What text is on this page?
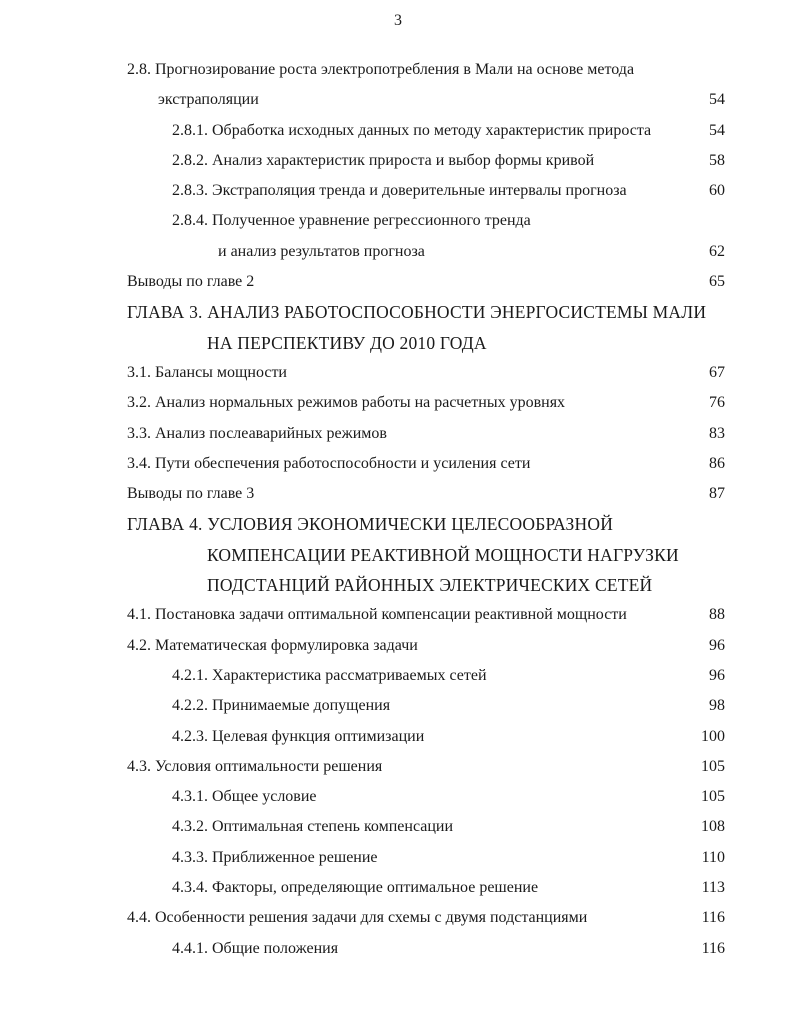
3
2.8. Прогнозирование роста электропотребления в Мали на основе метода
экстраполяции	54
2.8.1. Обработка исходных данных по методу характеристик прироста	54
2.8.2. Анализ характеристик прироста и выбор формы кривой	58
2.8.3. Экстраполяция тренда и доверительные интервалы прогноза	60
2.8.4. Полученное уравнение регрессионного тренда
и анализ результатов прогноза	62
Выводы по главе 2	65
ГЛАВА 3. АНАЛИЗ РАБОТОСПОСОБНОСТИ ЭНЕРГОСИСТЕМЫ МАЛИ
НА ПЕРСПЕКТИВУ ДО 2010 ГОДА
3.1. Балансы мощности	67
3.2. Анализ нормальных режимов работы на расчетных уровнях	76
3.3. Анализ послеаварийных режимов	83
3.4. Пути обеспечения работоспособности и усиления сети	86
Выводы по главе 3	87
ГЛАВА 4. УСЛОВИЯ ЭКОНОМИЧЕСКИ ЦЕЛЕСООБРАЗНОЙ
КОМПЕНСАЦИИ РЕАКТИВНОЙ МОЩНОСТИ НАГРУЗКИ
ПОДСТАНЦИЙ РАЙОННЫХ ЭЛЕКТРИЧЕСКИХ СЕТЕЙ
4.1. Постановка задачи оптимальной компенсации реактивной мощности	88
4.2. Математическая формулировка задачи	96
4.2.1. Характеристика рассматриваемых сетей	96
4.2.2. Принимаемые допущения	98
4.2.3. Целевая функция оптимизации	100
4.3. Условия оптимальности решения	105
4.3.1. Общее условие	105
4.3.2. Оптимальная степень компенсации	108
4.3.3. Приближенное решение	110
4.3.4. Факторы, определяющие оптимальное решение	113
4.4. Особенности решения задачи для схемы с двумя подстанциями	116
4.4.1. Общие положения	116
